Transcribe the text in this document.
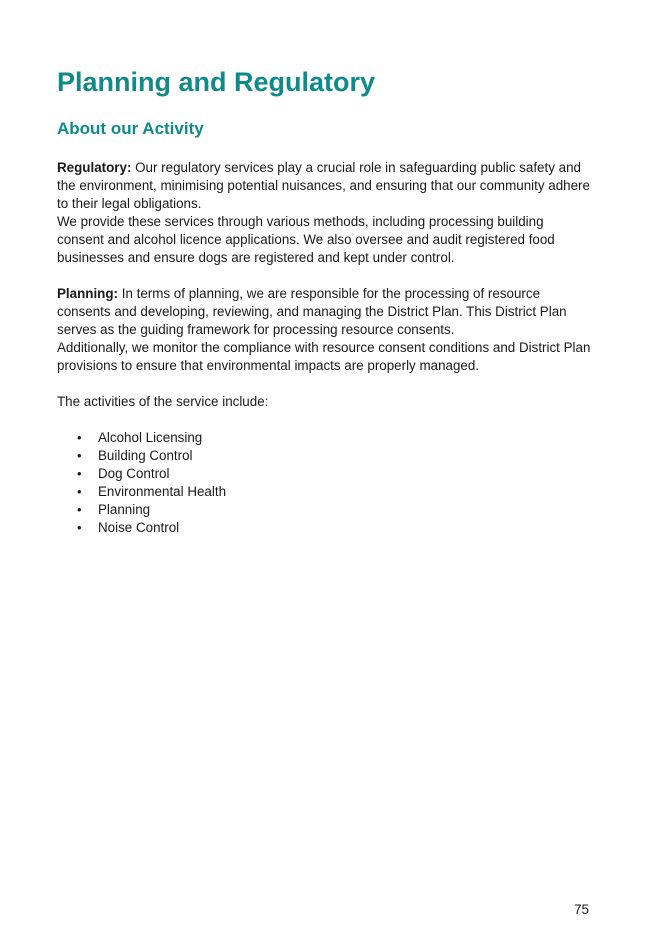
Planning and Regulatory
About our Activity

Regulatory: Our regulatory services play a crucial role in safeguarding public safety and the environment, minimising potential nuisances, and ensuring that our community adhere to their legal obligations.

We provide these services through various methods, including processing building consent and alcohol licence applications. We also oversee and audit registered food businesses and ensure dogs are registered and kept under control.

Planning: In terms of planning, we are responsible for the processing of resource consents and developing, reviewing, and managing the District Plan. This District Plan serves as the guiding framework for processing resource consents.

Additionally, we monitor the compliance with resource consent conditions and District Plan provisions to ensure that environmental impacts are properly managed.

The activities of the service include:

• Alcohol Licensing
• Building Control
• Dog Control
• Environmental Health
• Planning
• Noise Control
75
